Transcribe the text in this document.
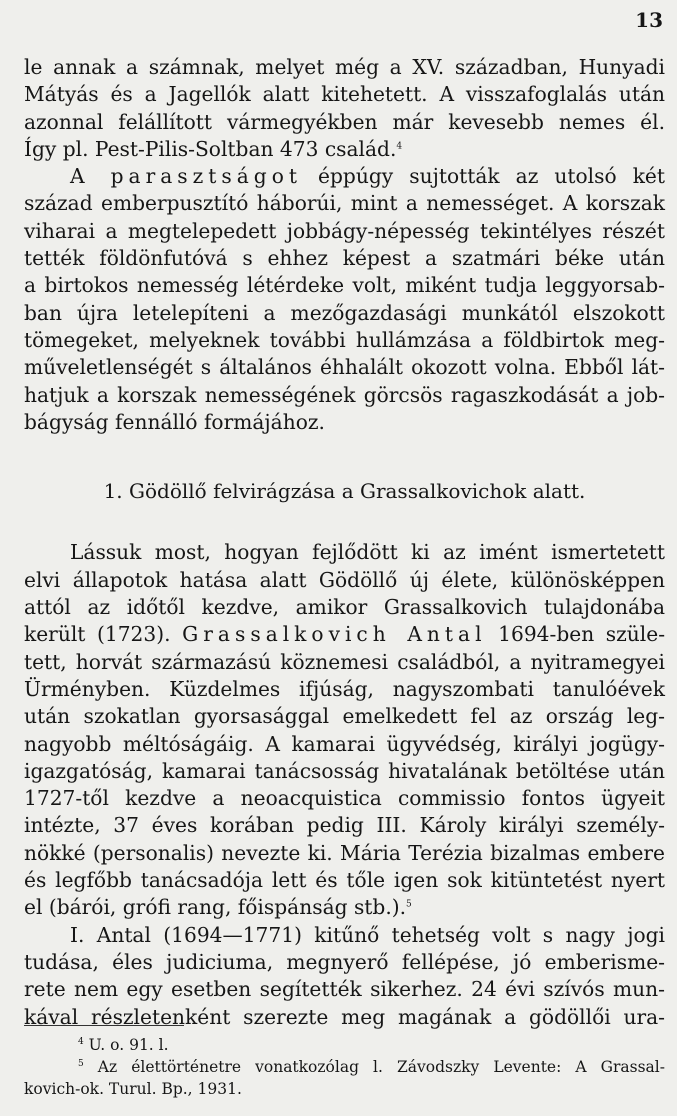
13
le annak a számnak, melyet még a XV. században, Hunyadi
Mátyás és a Jagellók alatt kitehetett. A visszafoglalás után
azonnal felállított vármegyékben már kevesebb nemes él.
Így pl. Pest-Pilis-Soltban 473 család.$^4$
A parasztságot éppúgy sujtották az utolsó két
század emberpusztító háborúi, mint a nemességet. A korszak
viharai a megtelepedett jobbágy-népesség tekintélyes részét
tették földönfutóvá s ehhez képest a szatmári béke után
a birtokos nemesség létérdeke volt, miként tudja leggyorsab-
ban újra letelepíteni a mezőgazdasági munkától elszokott
tömegeket, melyeknek további hullámzása a földbirtok meg-
műveletlenségét s általános éhhalált okozott volna. Ebből lát-
hatjuk a korszak nemességének görcsös ragaszkodását a job-
bágyság fennálló formájához.
1. Gödöllő felvirágzása a Grassalkovichok alatt.
Lássuk most, hogyan fejlődött ki az imént ismertetett
elvi állapotok hatása alatt Gödöllő új élete, különösképpen
attól az időtől kezdve, amikor Grassalkovich tulajdonába
került (1723). Grassalkovich Antal 1694-ben szüle-
tett, horvát származású köznemesi családból, a nyitramegyei
Ürményben. Küzdelmes ifjúság, nagyszombati tanulóévek
után szokatlan gyorsasággal emelkedett fel az ország leg-
nagyobb méltóságáig. A kamarai ügyvédség, királyi jogügy-
igazgatóság, kamarai tanácsosság hivatalának betöltése után
1727-től kezdve a neoacquistica commissio fontos ügyeit
intézte, 37 éves korában pedig III. Károly királyi személy-
nökké (personalis) nevezte ki. Mária Terézia bizalmas embere
és legfőbb tanácsadója lett és tőle igen sok kitüntetést nyert
el (bárói, grófi rang, főispánság stb.).$^5$
I. Antal (1694—1771) kitűnő tehetség volt s nagy jogi
tudása, éles judiciuma, megnyerő fellépése, jó emberisme-
rete nem egy esetben segítették sikerhez. 24 évi szívós mun-
kával részletenként szerezte meg magának a gödöllői ura-
$^4$ U. o. 91. l.
$^5$ Az élettörténetre vonatkozólag l. Závodszky Levente: A Grassal-
kovich-ok. Turul. Bp., 1931.
